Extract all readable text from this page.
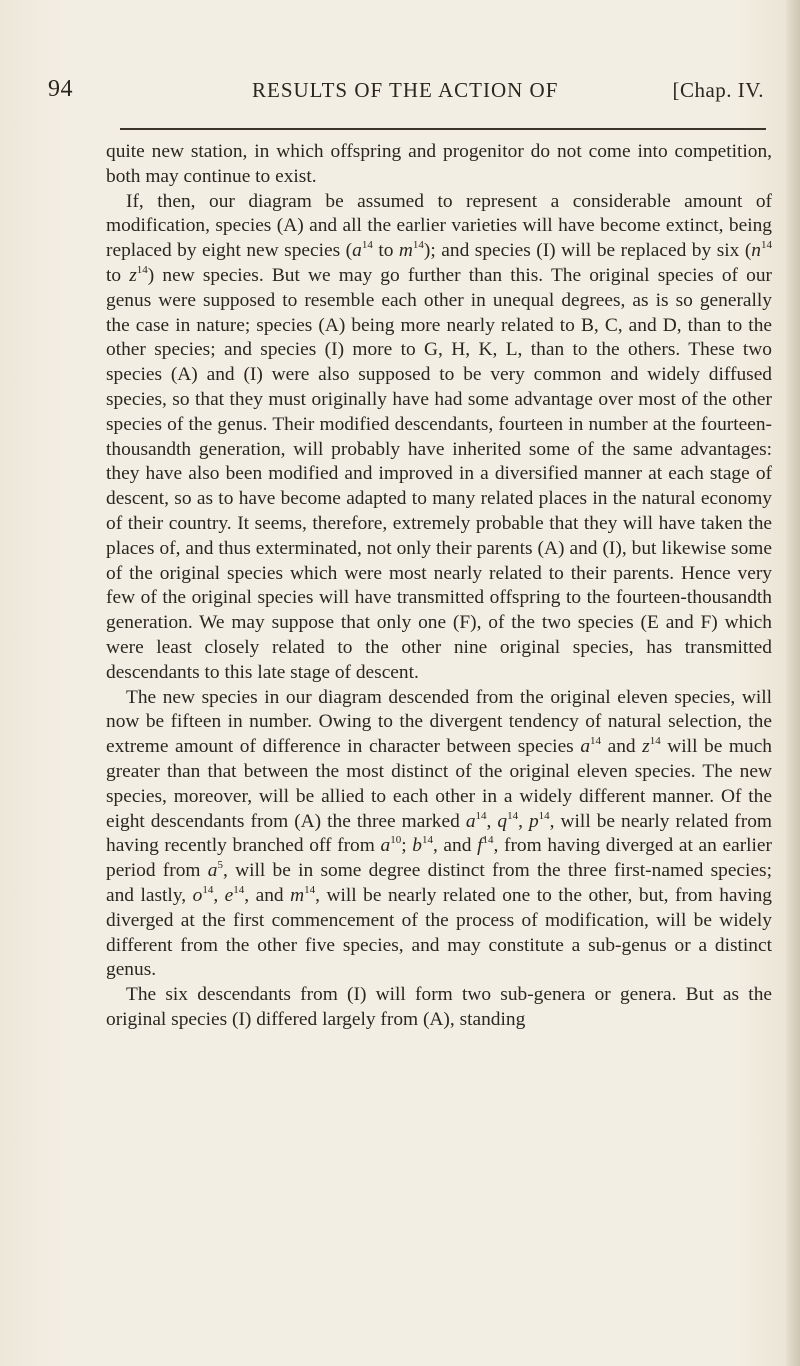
94	RESULTS OF THE ACTION OF	[Chap. IV.

quite new station, in which offspring and progenitor do not come into competition, both may continue to exist.

If, then, our diagram be assumed to represent a considerable amount of modification, species (A) and all the earlier varieties will have become extinct, being replaced by eight new species ($a^{14}$ to $m^{14}$); and species (I) will be replaced by six ($n^{14}$ to $z^{14}$) new species. But we may go further than this. The original species of our genus were supposed to resemble each other in unequal degrees, as is so generally the case in nature; species (A) being more nearly related to B, C, and D, than to the other species; and species (I) more to G, H, K, L, than to the others. These two species (A) and (I) were also supposed to be very common and widely diffused species, so that they must originally have had some advantage over most of the other species of the genus. Their modified descendants, fourteen in number at the fourteen-thousandth generation, will probably have inherited some of the same advantages: they have also been modified and improved in a diversified manner at each stage of descent, so as to have become adapted to many related places in the natural economy of their country. It seems, therefore, extremely probable that they will have taken the places of, and thus exterminated, not only their parents (A) and (I), but likewise some of the original species which were most nearly related to their parents. Hence very few of the original species will have transmitted offspring to the fourteen-thousandth generation. We may suppose that only one (F), of the two species (E and F) which were least closely related to the other nine original species, has transmitted descendants to this late stage of descent.

The new species in our diagram descended from the original eleven species, will now be fifteen in number. Owing to the divergent tendency of natural selection, the extreme amount of difference in character between species $a^{14}$ and $z^{14}$ will be much greater than that between the most distinct of the original eleven species. The new species, moreover, will be allied to each other in a widely different manner. Of the eight descendants from (A) the three marked $a^{14}$, $q^{14}$, $p^{14}$, will be nearly related from having recently branched off from $a^{10}$; $b^{14}$, and $f^{14}$, from having diverged at an earlier period from $a^5$, will be in some degree distinct from the three first-named species; and lastly, $o^{14}$, $e^{14}$, and $m^{14}$, will be nearly related one to the other, but, from having diverged at the first commencement of the process of modification, will be widely different from the other five species, and may constitute a sub-genus or a distinct genus.

The six descendants from (I) will form two sub-genera or genera. But as the original species (I) differed largely from (A), standing
